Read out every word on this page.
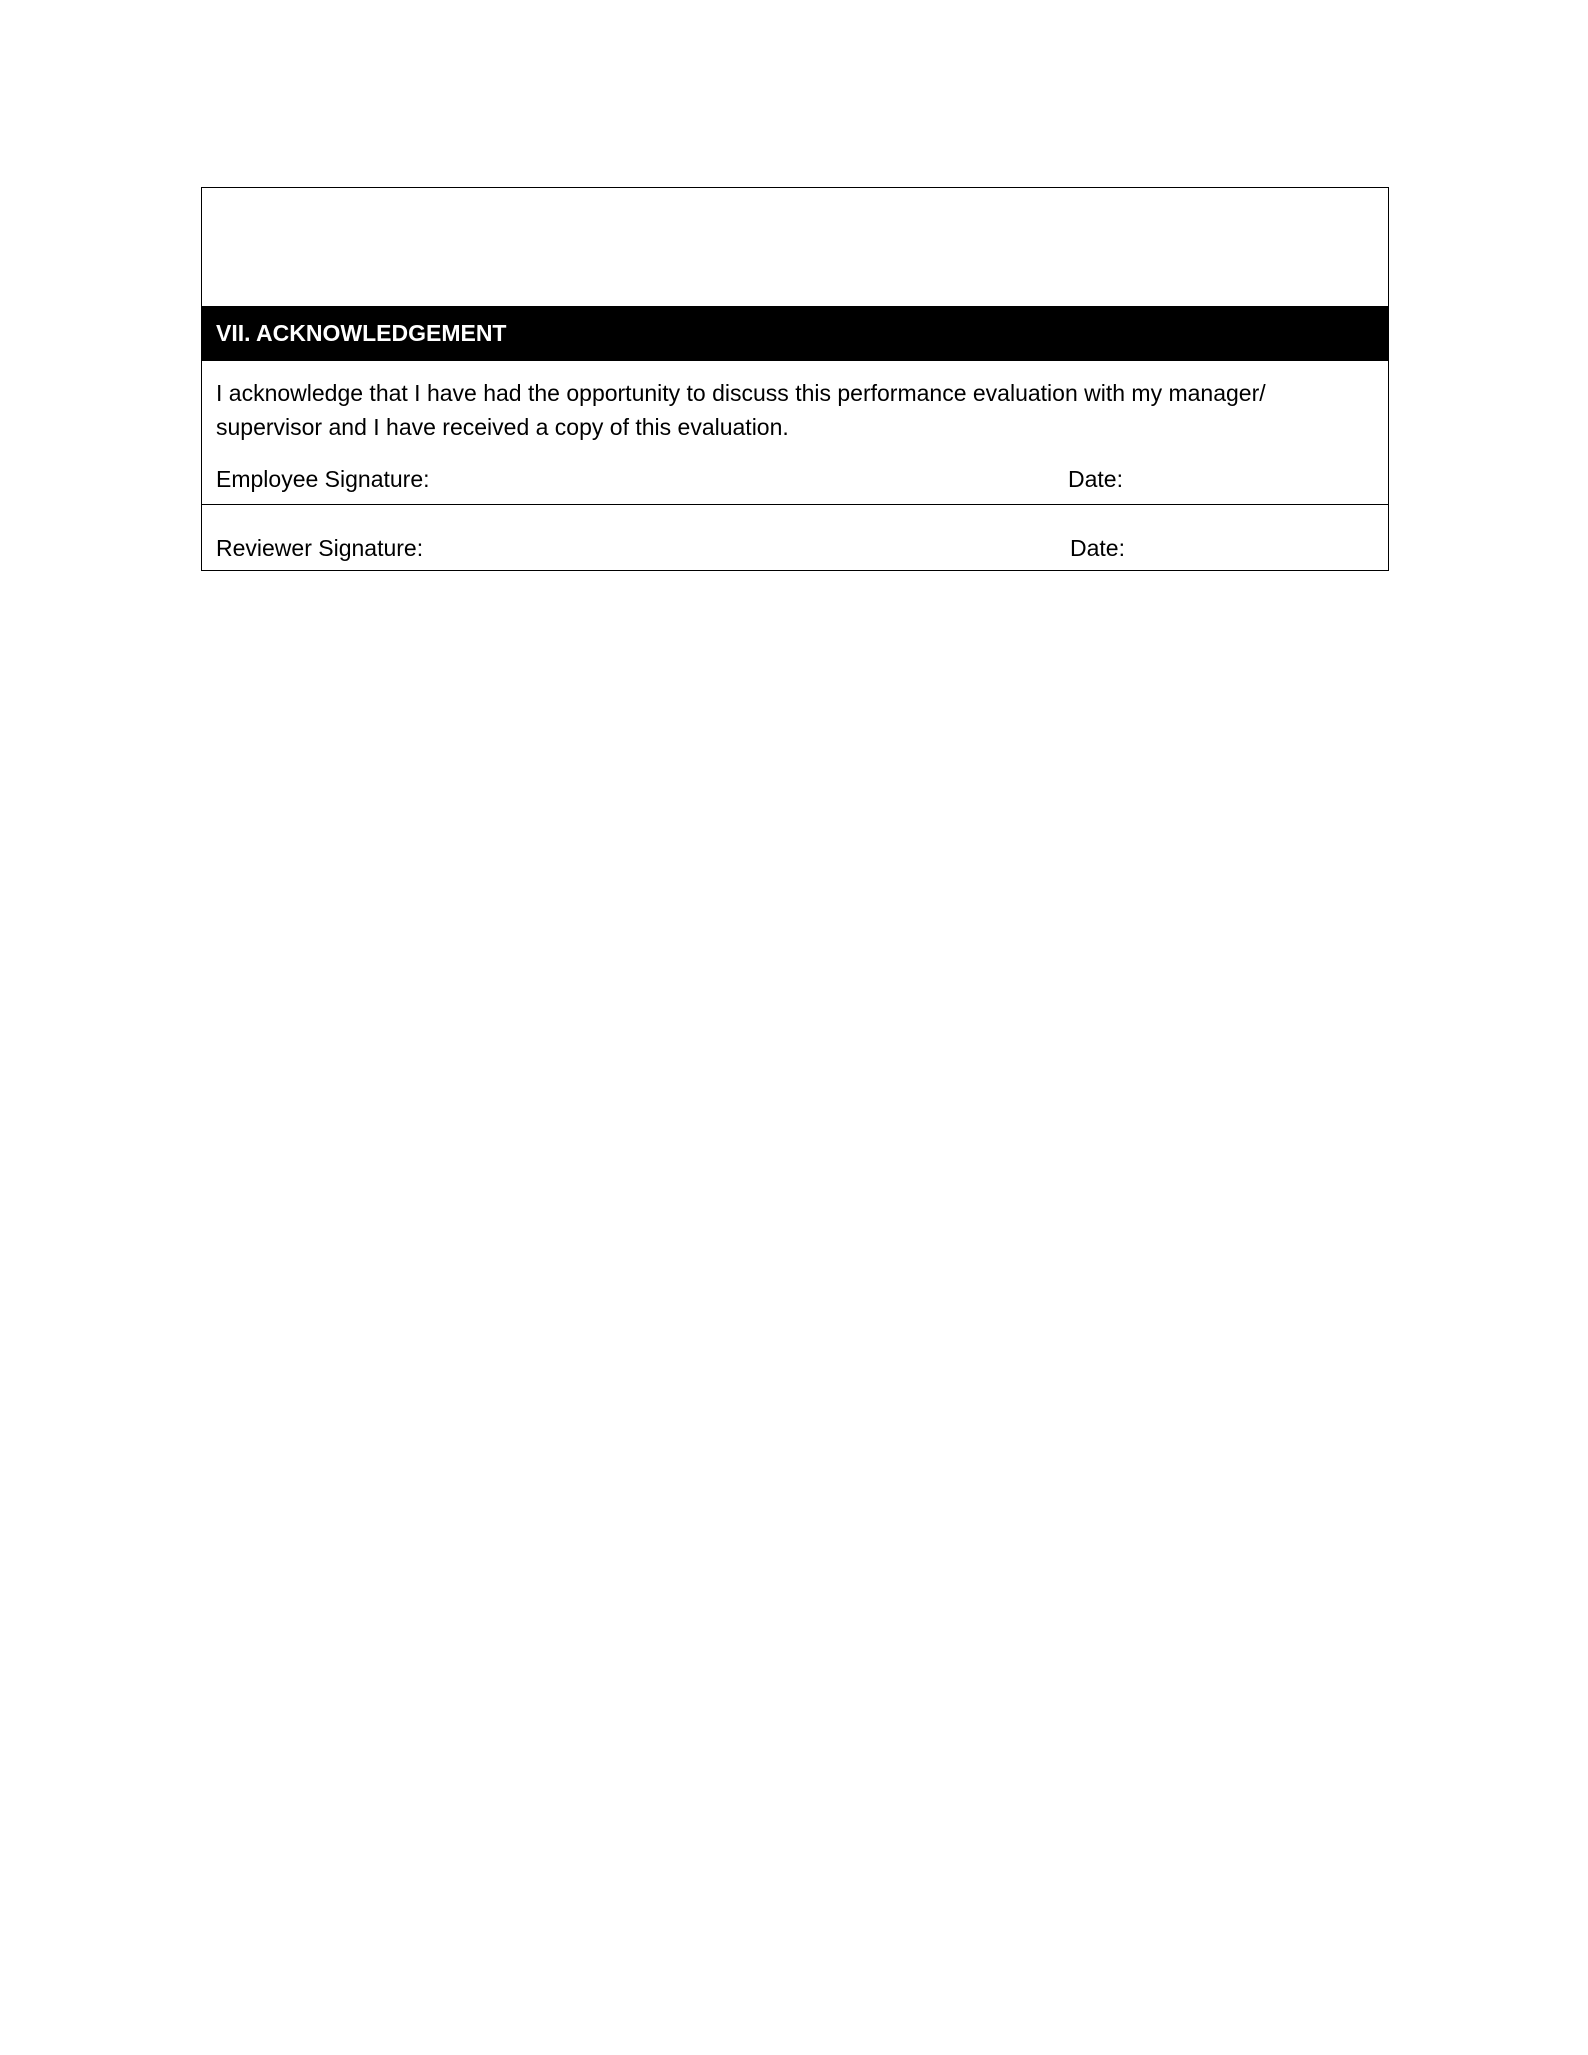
VII. ACKNOWLEDGEMENT
I acknowledge that I have had the opportunity to discuss this performance evaluation with my manager/ supervisor and I have received a copy of this evaluation.
Employee Signature:	Date:
Reviewer Signature:	Date:
